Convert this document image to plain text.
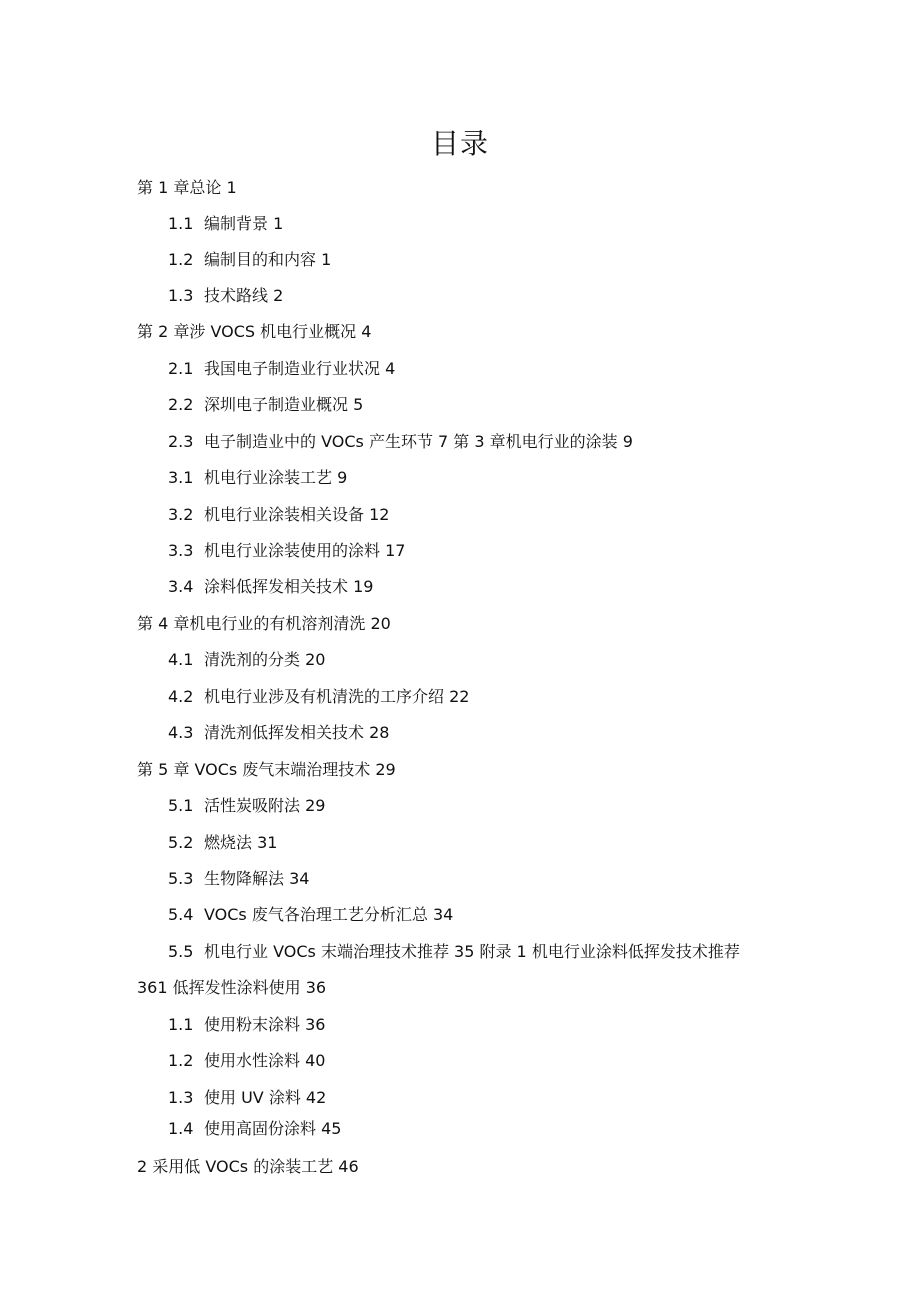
目录
第 1 章总论 1
1.1 编制背景 1
1.2 编制目的和内容 1
1.3 技术路线 2
第 2 章涉 VOCS 机电行业概况 4
2.1 我国电子制造业行业状况 4
2.2 深圳电子制造业概况 5
2.3 电子制造业中的 VOCs 产生环节 7 第 3 章机电行业的涂装 9
3.1 机电行业涂装工艺 9
3.2 机电行业涂装相关设备 12
3.3 机电行业涂装使用的涂料 17
3.4 涂料低挥发相关技术 19
第 4 章机电行业的有机溶剂清洗 20
4.1 清洗剂的分类 20
4.2 机电行业涉及有机清洗的工序介绍 22
4.3 清洗剂低挥发相关技术 28
第 5 章 VOCs 废气末端治理技术 29
5.1 活性炭吸附法 29
5.2 燃烧法 31
5.3 生物降解法 34
5.4 VOCs 废气各治理工艺分析汇总 34
5.5 机电行业 VOCs 末端治理技术推荐 35 附录 1 机电行业涂料低挥发技术推荐
361 低挥发性涂料使用 36
1.1 使用粉末涂料 36
1.2 使用水性涂料 40
1.3 使用 UV 涂料 42
1.4 使用高固份涂料 45
2 采用低 VOCs 的涂装工艺 46
